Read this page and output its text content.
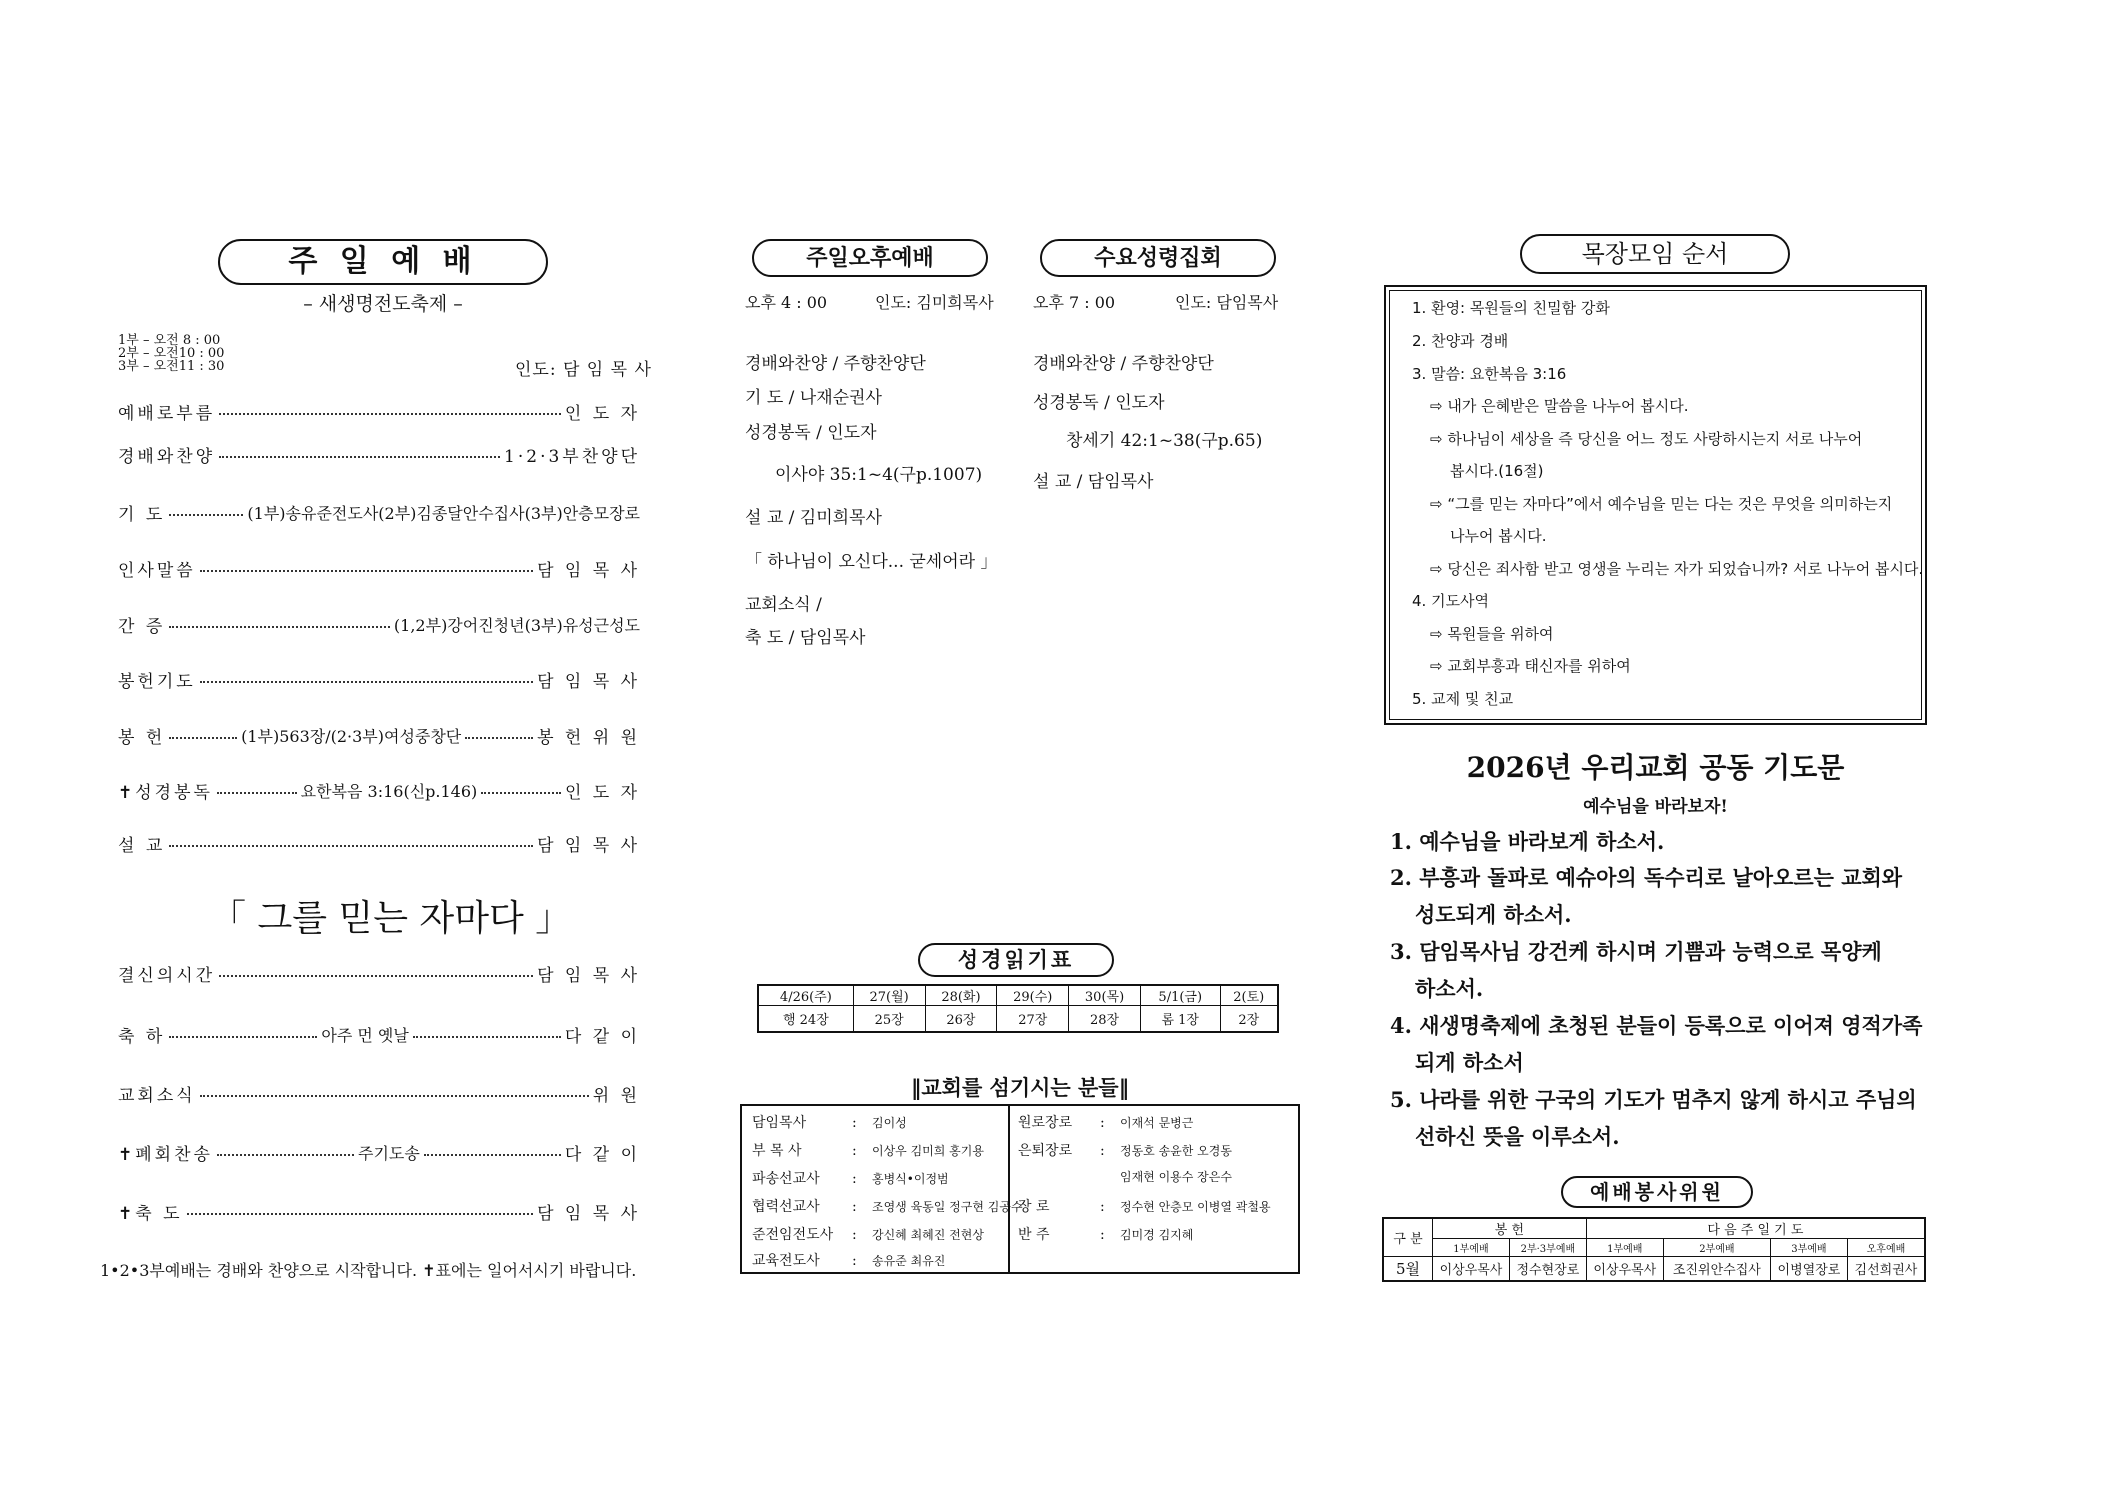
주 일 예 배
– 새생명전도축제 –
1부 – 오전 8 : 00
2부 – 오전10 : 00
3부 – 오전11 : 30	인도: 담 임 목 사
예배로부름	인 도 자
경배와찬양	1·2·3부찬양단
기 도	(1부)송유준전도사(2부)김종달안수집사(3부)안층모장로
인사말씀	담 임 목 사
간 증	(1,2부)강어진청년(3부)유성근성도
봉헌기도	담 임 목 사
봉 헌	(1부)563장/(2·3부)여성중창단	봉 헌 위 원
✝성경봉독	요한복음 3:16(신p.146)	인 도 자
설 교	담 임 목 사
「 그를 믿는 자마다 」
결신의시간	담 임 목 사
축 하	아주 먼 옛날	다 같 이
교회소식	위 원
✝폐회찬송	주기도송	다 같 이
✝축 도	담 임 목 사
1•2•3부예배는 경배와 찬양으로 시작합니다. ✝표에는 일어서시기 바랍니다.
주일오후예배
오후 4 : 00	인도: 김미희목사
경배와찬양 / 주향찬양단
기 도 / 나재순권사
성경봉독 / 인도자
이사야 35:1~4(구p.1007)
설 교 / 김미희목사
「 하나님이 오신다... 굳세어라 」
교회소식 /
축 도 / 담임목사
수요성령집회
오후 7 : 00	인도: 담임목사
경배와찬양 / 주향찬양단
성경봉독 / 인도자
창세기 42:1~38(구p.65)
설 교 / 담임목사
성경읽기표
4/26(주)	27(월)	28(화)	29(수)	30(목)	5/1(금)	2(토)
행 24장	25장	26장	27장	28장	롬 1장	2장
‖교회를 섬기시는 분들‖
담임목사	:김이성
부 목 사	:이상우 김미희 홍기용
파송선교사:홍병식•이정범
협력선교사:조영생 육동일 정구현 김공수
준전임전도사:강신혜 최혜진 전현상
교육전도사:송유준 최유진
원로장로:이재석 문병근
은퇴장로:정동호 송윤한 오경동
임재현 이용수 장은수
장 로	:정수현 안층모 이병열 곽철용
반 주	:김미경 김지혜
목장모임 순서
1. 환영: 목원들의 친밀함 강화
2. 찬양과 경배
3. 말씀: 요한복음 3:16
⇨ 내가 은혜받은 말씀을 나누어 봅시다.
⇨ 하나님이 세상을 즉 당신을 어느 정도 사랑하시는지 서로 나누어
봅시다.(16절)
⇨ “그를 믿는 자마다”에서 예수님을 믿는 다는 것은 무엇을 의미하는지
나누어 봅시다.
⇨ 당신은 죄사함 받고 영생을 누리는 자가 되었습니까? 서로 나누어 봅시다.
4. 기도사역
⇨ 목원들을 위하여
⇨ 교회부흥과 태신자를 위하여
5. 교제 및 친교
2026년 우리교회 공동 기도문
예수님을 바라보자!
1. 예수님을 바라보게 하소서.
2. 부흥과 돌파로 예슈아의 독수리로 날아오르는 교회와
성도되게 하소서.
3. 담임목사님 강건케 하시며 기쁨과 능력으로 목양케
하소서.
4. 새생명축제에 초청된 분들이 등록으로 이어져 영적가족
되게 하소서
5. 나라를 위한 구국의 기도가 멈추지 않게 하시고 주님의
선하신 뜻을 이루소서.
예배봉사위원
구 분	봉 헌		다 음 주 일 기 도			
	1부예배	2부·3부예배	1부예배	2부예배	3부예배	오후예배
5월	이상우목사	정수현장로	이상우목사	조진위안수집사	이병열장로	김선희권사
